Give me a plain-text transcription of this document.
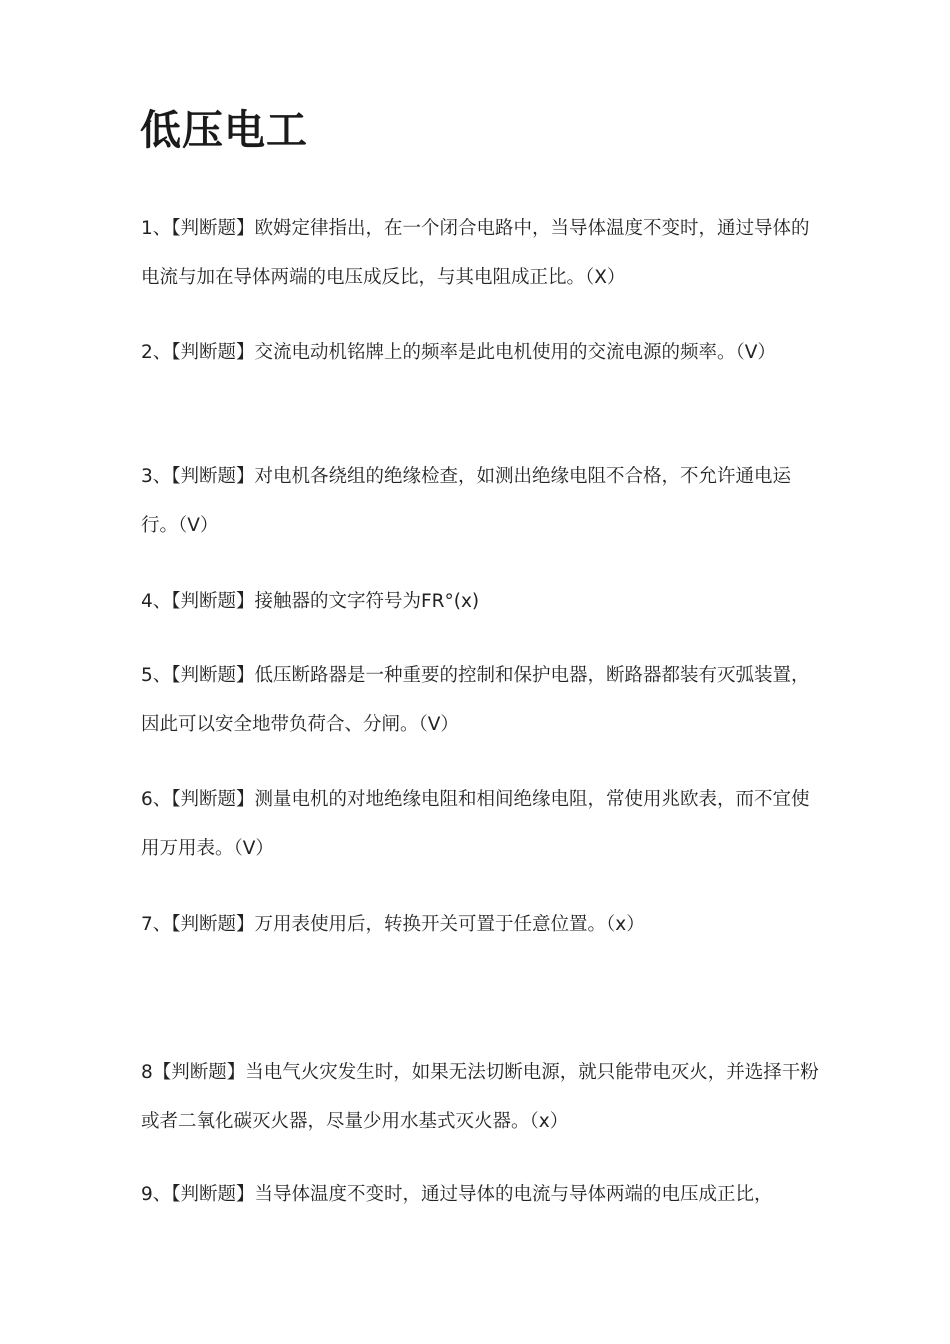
低压电工

1、【判断题】欧姆定律指出，在一个闭合电路中，当导体温度不变时，通过导体的电流与加在导体两端的电压成反比，与其电阻成正比。（X）

2、【判断题】交流电动机铭牌上的频率是此电机使用的交流电源的频率。（V）

3、【判断题】对电机各绕组的绝缘检查，如测出绝缘电阻不合格，不允许通电运行。（V）

4、【判断题】接触器的文字符号为FR°(x)

5、【判断题】低压断路器是一种重要的控制和保护电器，断路器都装有灭弧装置，因此可以安全地带负荷合、分闸。（V）

6、【判断题】测量电机的对地绝缘电阻和相间绝缘电阻，常使用兆欧表，而不宜使用万用表。（V）

7、【判断题】万用表使用后，转换开关可置于任意位置。（x）

8【判断题】当电气火灾发生时，如果无法切断电源，就只能带电灭火，并选择干粉或者二氧化碳灭火器，尽量少用水基式灭火器。（x）

9、【判断题】当导体温度不变时，通过导体的电流与导体两端的电压成正比，
